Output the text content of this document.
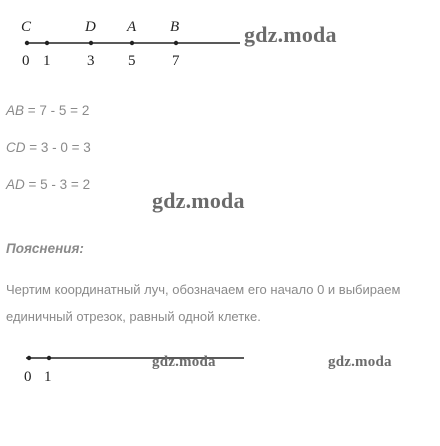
C	D A B
0 1 3 5 7
gdz.moda
gdz.moda
gdz.moda	gdz.moda
AB = 7 - 5 = 2
CD = 3 - 0 = 3
AD = 5 - 3 = 2
Пояснения:
Чертим координатный луч, обозначаем его начало 0 и выбираем единичный отрезок, равный одной клетке.
0 1
